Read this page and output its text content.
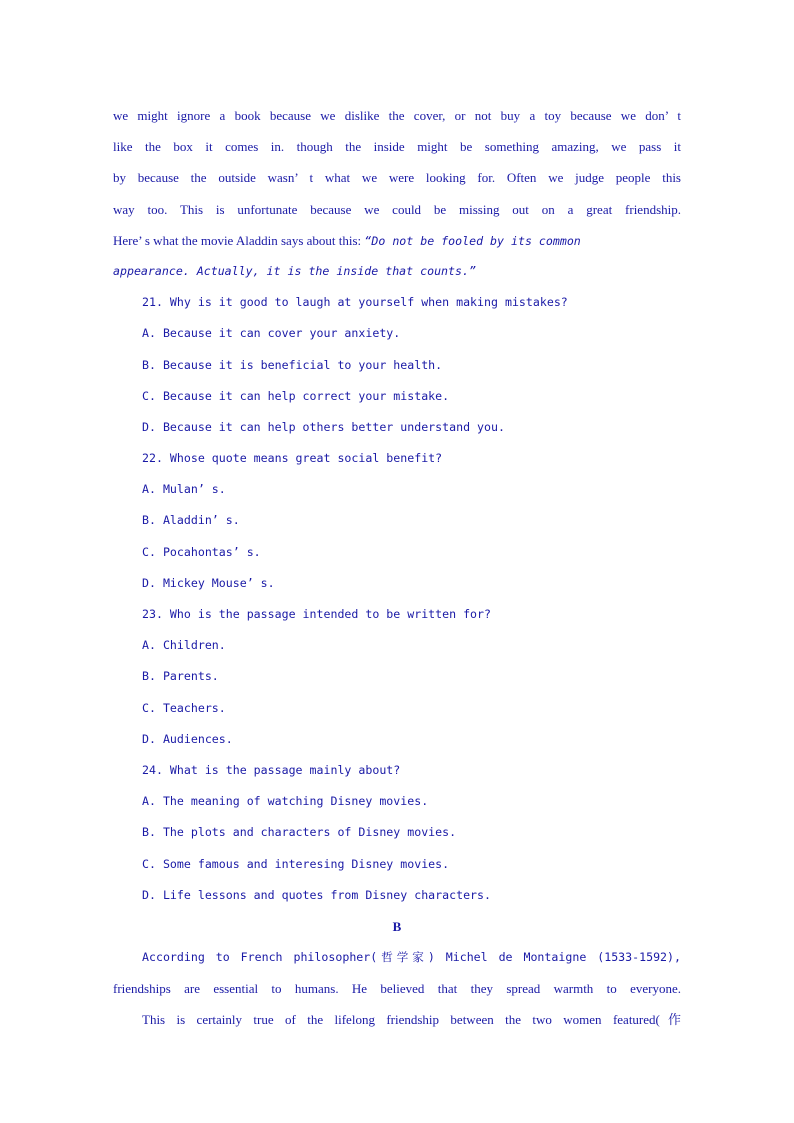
we might ignore a book because we dislike the cover, or not buy a toy because we don’ t
like the box it comes in. though the inside might be something amazing, we pass it
by because the outside wasn’ t what we were looking for. Often we judge people this
way too. This is unfortunate because we could be missing out on a great friendship.
Here’ s what the movie Aladdin says about this: “Do not be fooled by its common
appearance. Actually, it is the inside that counts.”
21. Why is it good to laugh at yourself when making mistakes?
A. Because it can cover your anxiety.
B. Because it is beneficial to your health.
C. Because it can help correct your mistake.
D. Because it can help others better understand you.
22. Whose quote means great social benefit?
A. Mulan’ s.
B. Aladdin’ s.
C. Pocahontas’ s.
D. Mickey Mouse’ s.
23. Who is the passage intended to be written for?
A. Children.
B. Parents.
C. Teachers.
D. Audiences.
24. What is the passage mainly about?
A. The meaning of watching Disney movies.
B. The plots and characters of Disney movies.
C. Some famous and interesing Disney movies.
D. Life lessons and quotes from Disney characters.
B
According to French philosopher(哲学家) Michel de Montaigne (1533-1592),
friendships are essential to humans. He believed that they spread warmth to everyone.
This is certainly true of the lifelong friendship between the two women featured(作
